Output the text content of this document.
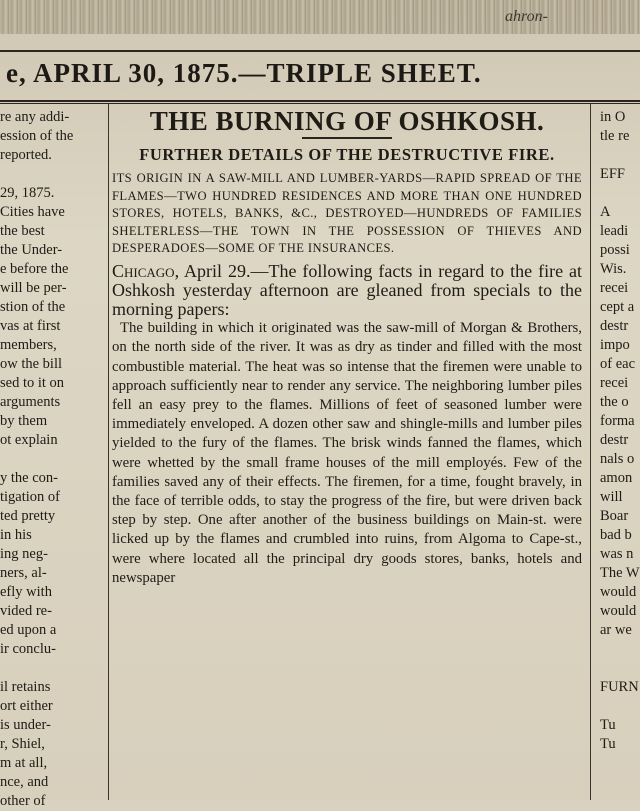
ahron-
e, APRIL 30, 1875.—TRIPLE SHEET.

re any addi-

ession of the

reported.

29, 1875.

Cities have

the best

the Under-

e before the

will be per-

stion of the

vas at first

members,

ow the bill

sed to it on

arguments

by them

ot explain

y the con-

tigation of

ted pretty

in his

ing neg-

ners, al-

efly with

vided re-

ed upon a

ir conclu-

il retains

ort either

is under-

r, Shiel,

m at all,

nce, and

other of

THE BURNING OF OSHKOSH.
FURTHER DETAILS OF THE DESTRUCTIVE FIRE.

ITS ORIGIN IN A SAW-MILL AND LUMBER-YARDS—RAPID SPREAD OF THE FLAMES—TWO HUNDRED RESIDENCES AND MORE THAN ONE HUNDRED STORES, HOTELS, BANKS, &C., DESTROYED—HUNDREDS OF FAMILIES SHELTERLESS—THE TOWN IN THE POSSESSION OF THIEVES AND DESPERADOES—SOME OF THE INSURANCES.

Chicago, April 29.—The following facts in regard to the fire at Oshkosh yesterday afternoon are gleaned from specials to the morning papers:

The building in which it originated was the saw-mill of Morgan & Brothers, on the north side of the river. It was as dry as tinder and filled with the most combustible material. The heat was so intense that the firemen were unable to approach sufficiently near to render any service. The neighboring lumber piles fell an easy prey to the flames. Millions of feet of seasoned lumber were immediately enveloped. A dozen other saw and shingle-mills and lumber piles yielded to the fury of the flames. The brisk winds fanned the flames, which were whetted by the small frame houses of the mill employés. Few of the families saved any of their effects. The firemen, for a time, fought bravely, in the face of terrible odds, to stay the progress of the fire, but were driven back step by step. One after another of the business buildings on Main-st. were licked up by the flames and crumbled into ruins, from Algoma to Cape-st., were where located all the principal dry goods stores, banks, hotels and newspaper

in O

tle re

EFF

A

leadi

possi

Wis.

recei

cept a

destr

impo

of eac

recei

the o

forma

destr

nals o

amon

will

Boar

bad b

was n

The W

would

would

ar we

FURN

Tu

Tu
